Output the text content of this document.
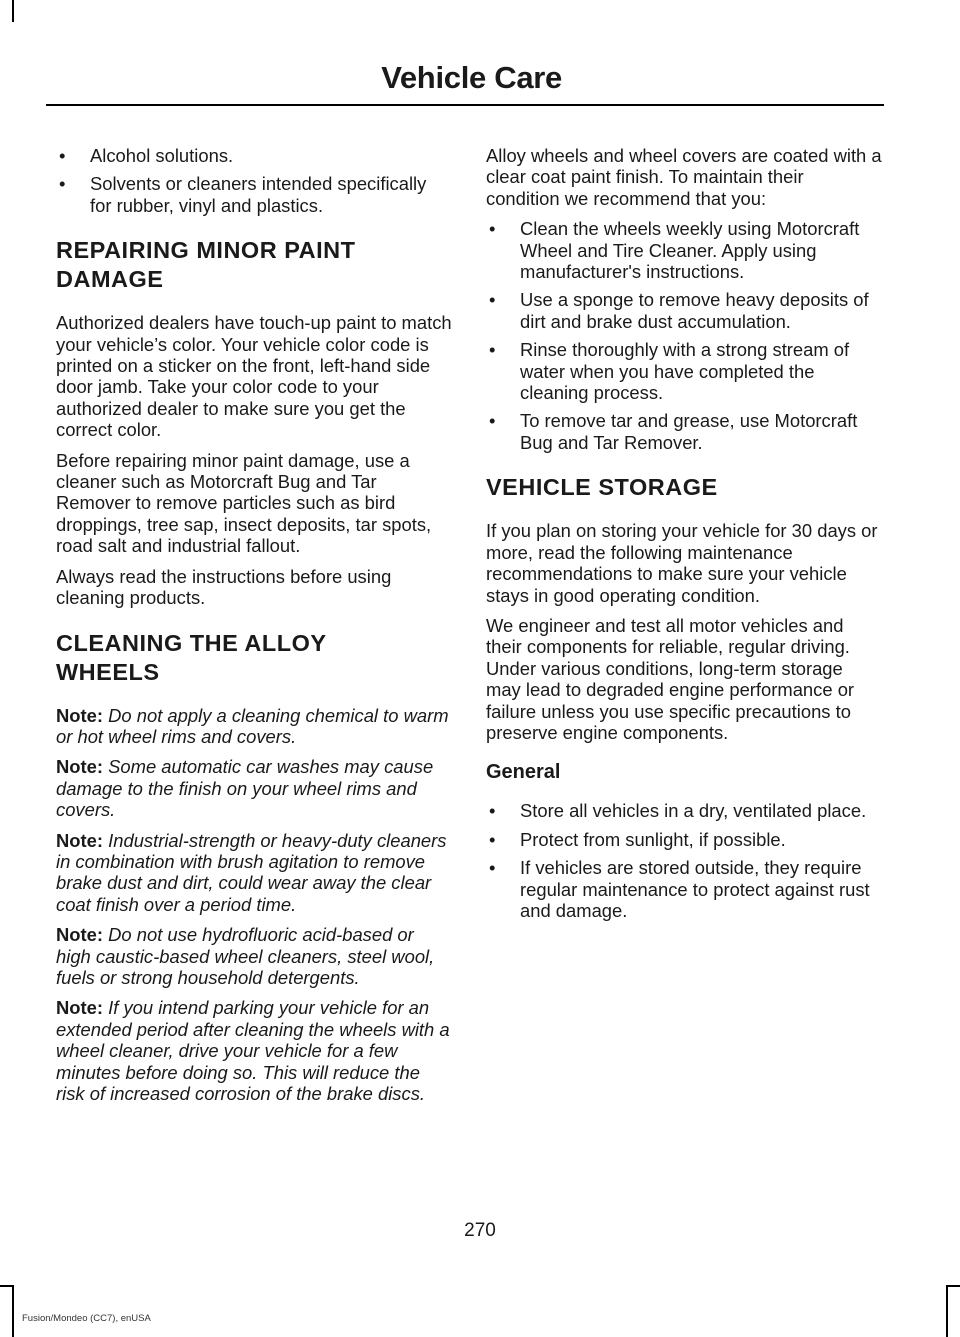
Vehicle Care
• Alcohol solutions.
• Solvents or cleaners intended specifically for rubber, vinyl and plastics.
REPAIRING MINOR PAINT DAMAGE

Authorized dealers have touch-up paint to match your vehicle’s color. Your vehicle color code is printed on a sticker on the front, left-hand side door jamb. Take your color code to your authorized dealer to make sure you get the correct color.

Before repairing minor paint damage, use a cleaner such as Motorcraft Bug and Tar Remover to remove particles such as bird droppings, tree sap, insect deposits, tar spots, road salt and industrial fallout.

Always read the instructions before using cleaning products.

CLEANING THE ALLOY WHEELS

Note: Do not apply a cleaning chemical to warm or hot wheel rims and covers.

Note: Some automatic car washes may cause damage to the finish on your wheel rims and covers.

Note: Industrial-strength or heavy-duty cleaners in combination with brush agitation to remove brake dust and dirt, could wear away the clear coat finish over a period time.

Note: Do not use hydrofluoric acid-based or high caustic-based wheel cleaners, steel wool, fuels or strong household detergents.

Note: If you intend parking your vehicle for an extended period after cleaning the wheels with a wheel cleaner, drive your vehicle for a few minutes before doing so. This will reduce the risk of increased corrosion of the brake discs.

Alloy wheels and wheel covers are coated with a clear coat paint finish. To maintain their condition we recommend that you:

• Clean the wheels weekly using Motorcraft Wheel and Tire Cleaner. Apply using manufacturer's instructions.
• Use a sponge to remove heavy deposits of dirt and brake dust accumulation.
• Rinse thoroughly with a strong stream of water when you have completed the cleaning process.
• To remove tar and grease, use Motorcraft Bug and Tar Remover.
VEHICLE STORAGE

If you plan on storing your vehicle for 30 days or more, read the following maintenance recommendations to make sure your vehicle stays in good operating condition.

We engineer and test all motor vehicles and their components for reliable, regular driving. Under various conditions, long-term storage may lead to degraded engine performance or failure unless you use specific precautions to preserve engine components.

General
• Store all vehicles in a dry, ventilated place.
• Protect from sunlight, if possible.
• If vehicles are stored outside, they require regular maintenance to protect against rust and damage.
270
Fusion/Mondeo (CC7), enUSA
